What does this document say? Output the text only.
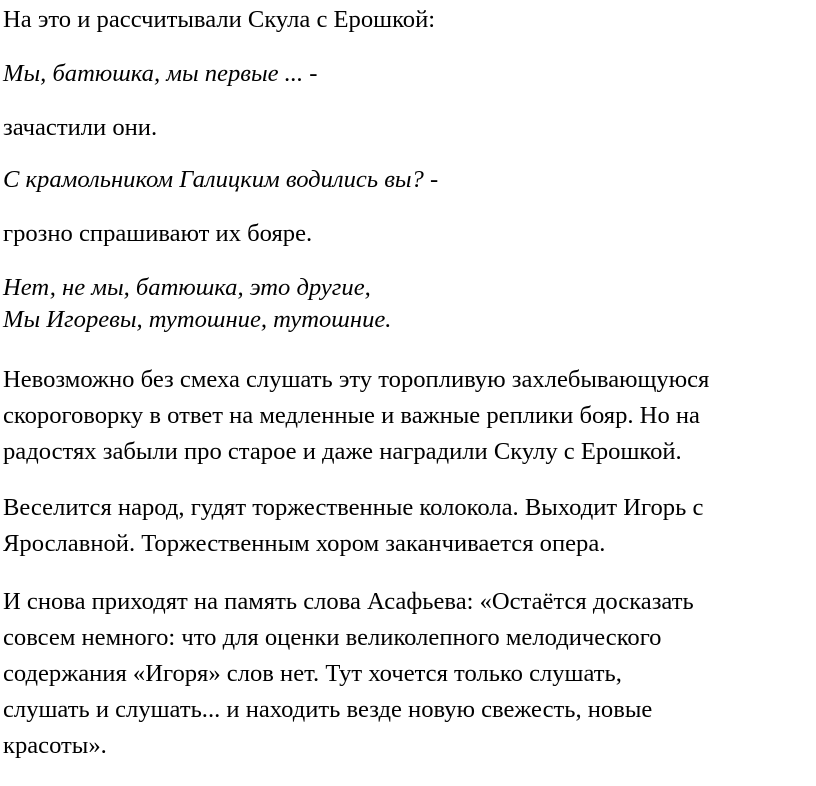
На это и рассчитывали Скула с Ерошкой:

Мы, батюшка, мы первые ... -

зачастили они.

С крамольником Галицким водились вы? -

грозно спрашивают их бояре.

Нет, не мы, батюшка, это другие,
Мы Игоревы, тутошние, тутошние.

Невозможно без смеха слушать эту торопливую захлебывающуюся
скороговорку в ответ на медленные и важные реплики бояр. Но на
радостях забыли про старое и даже наградили Скулу с Ерошкой.

Веселится народ, гудят торжественные колокола. Выходит Игорь с
Ярославной. Торжественным хором заканчивается опера.

И снова приходят на память слова Асафьева: «Остаётся досказать
совсем немного: что для оценки великолепного мелодического
содержания «Игоря» слов нет. Тут хочется только слушать,
слушать и слушать... и находить везде новую свежесть, новые
красоты».
